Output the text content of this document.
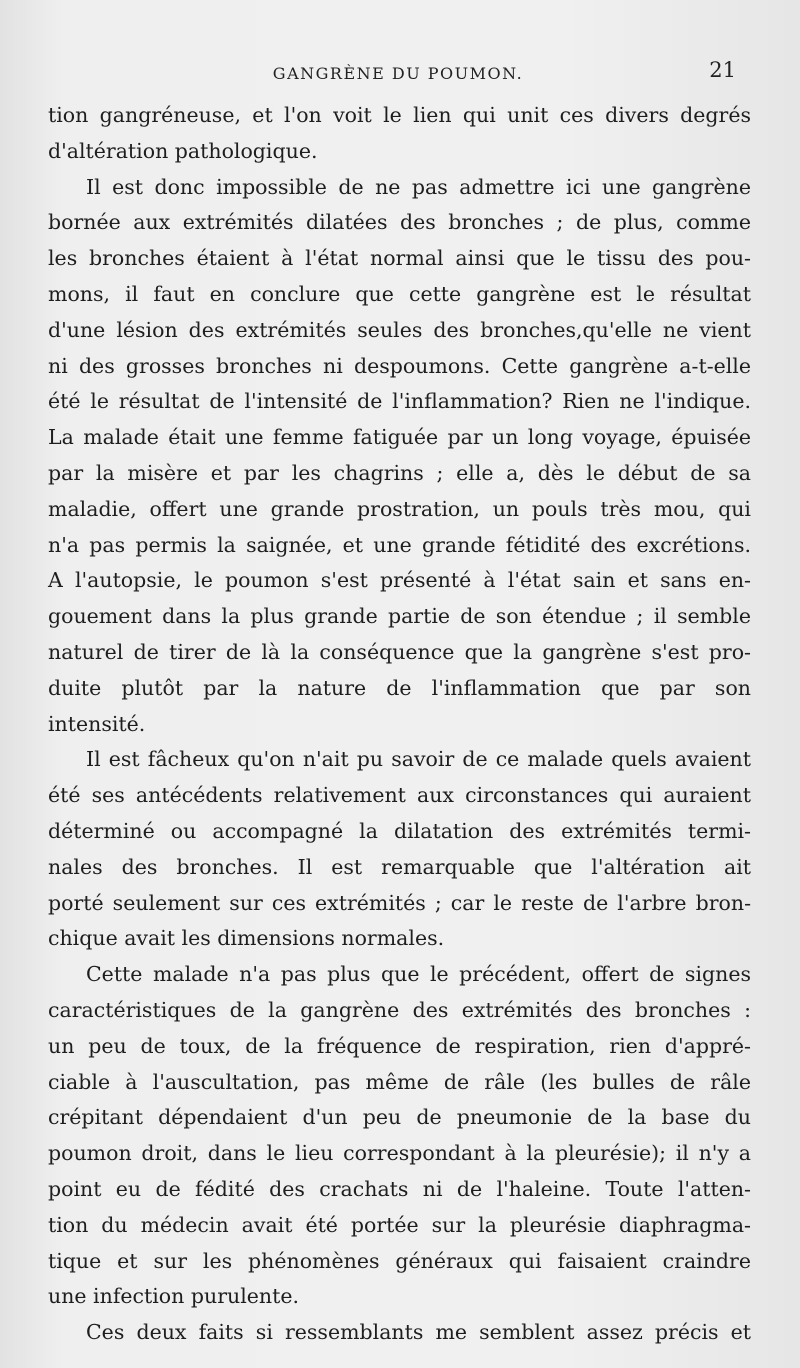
GANGRÈNE DU POUMON.	21
tion gangréneuse, et l'on voit le lien qui unit ces divers degrés
d'altération pathologique.
Il est donc impossible de ne pas admettre ici une gangrène
bornée aux extrémités dilatées des bronches ; de plus, comme
les bronches étaient à l'état normal ainsi que le tissu des pou-
mons, il faut en conclure que cette gangrène est le résultat
d'une lésion des extrémités seules des bronches,qu'elle ne vient
ni des grosses bronches ni despoumons. Cette gangrène a-t-elle
été le résultat de l'intensité de l'inflammation? Rien ne l'indique.
La malade était une femme fatiguée par un long voyage, épuisée
par la misère et par les chagrins ; elle a, dès le début de sa
maladie, offert une grande prostration, un pouls très mou, qui
n'a pas permis la saignée, et une grande fétidité des excrétions.
A l'autopsie, le poumon s'est présenté à l'état sain et sans en-
gouement dans la plus grande partie de son étendue ; il semble
naturel de tirer de là la conséquence que la gangrène s'est pro-
duite plutôt par la nature de l'inflammation que par son
intensité.
Il est fâcheux qu'on n'ait pu savoir de ce malade quels avaient
été ses antécédents relativement aux circonstances qui auraient
déterminé ou accompagné la dilatation des extrémités termi-
nales des bronches. Il est remarquable que l'altération ait
porté seulement sur ces extrémités ; car le reste de l'arbre bron-
chique avait les dimensions normales.
Cette malade n'a pas plus que le précédent, offert de signes
caractéristiques de la gangrène des extrémités des bronches :
un peu de toux, de la fréquence de respiration, rien d'appré-
ciable à l'auscultation, pas même de râle (les bulles de râle
crépitant dépendaient d'un peu de pneumonie de la base du
poumon droit, dans le lieu correspondant à la pleurésie); il n'y a
point eu de fédité des crachats ni de l'haleine. Toute l'atten-
tion du médecin avait été portée sur la pleurésie diaphragma-
tique et sur les phénomènes généraux qui faisaient craindre
une infection purulente.
Ces deux faits si ressemblants me semblent assez précis et
